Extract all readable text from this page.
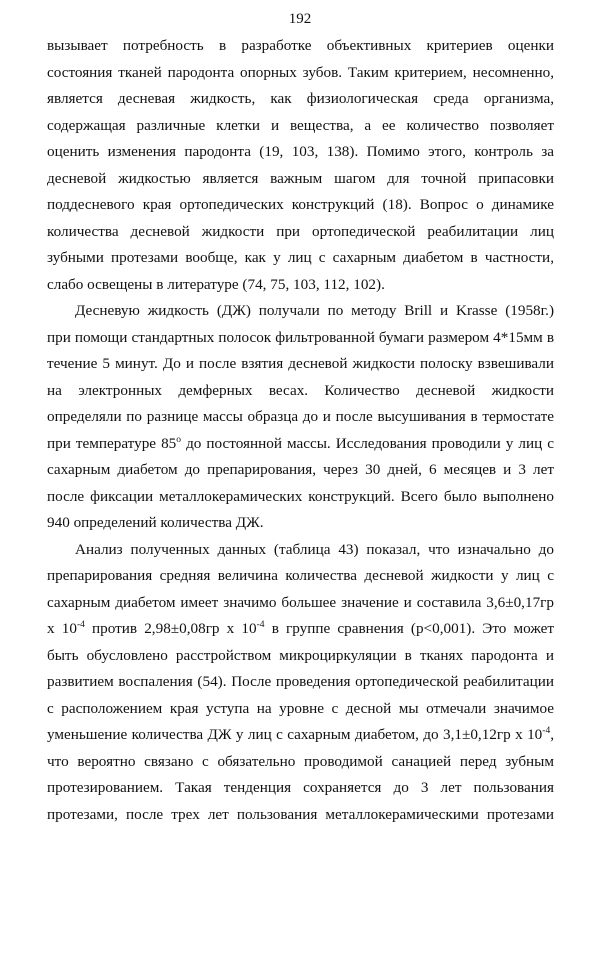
192
вызывает потребность в разработке объективных критериев оценки
состояния тканей пародонта опорных зубов. Таким критерием, несомненно,
является десневая жидкость, как физиологическая среда организма,
содержащая различные клетки и вещества, а ее количество позволяет
оценить изменения пародонта (19, 103, 138). Помимо этого, контроль за
десневой жидкостью является важным шагом для точной припасовки
поддесневого края ортопедических конструкций (18). Вопрос о динамике
количества десневой жидкости при ортопедической реабилитации лиц
зубными протезами вообще, как у лиц с сахарным диабетом в частности,
слабо освещены в литературе (74, 75, 103, 112, 102).
Десневую жидкость (ДЖ) получали по методу Brill и Krasse (1958г.)
при помощи стандартных полосок фильтрованной бумаги размером 4*15мм в
течение 5 минут. До и после взятия десневой жидкости полоску взвешивали
на электронных демферных весах. Количество десневой жидкости
определяли по разнице массы образца до и после высушивания в термостате
при температуре $85^о$ до постоянной массы. Исследования проводили у лиц с
сахарным диабетом до препарирования, через 30 дней, 6 месяцев и 3 лет
после фиксации металлокерамических конструкций. Всего было выполнено
940 определений количества ДЖ.
Анализ полученных данных (таблица 43) показал, что изначально до
препарирования средняя величина количества десневой жидкости у лиц с
сахарным диабетом имеет значимо большее значение и составила 3,6±0,17гр
х $10^{-4}$ против 2,98±0,08гр х $10^{-4}$ в группе сравнения (р<0,001). Это может
быть обусловлено расстройством микроциркуляции в тканях пародонта и
развитием воспаления (54). После проведения ортопедической реабилитации
с расположением края уступа на уровне с десной мы отмечали значимое
уменьшение количества ДЖ у лиц с сахарным диабетом, до 3,1±0,12гр х $10^{-4}$,
что вероятно связано с обязательно проводимой санацией перед зубным
протезированием. Такая тенденция сохраняется до 3 лет пользования
протезами, после трех лет пользования металлокерамическими протезами
